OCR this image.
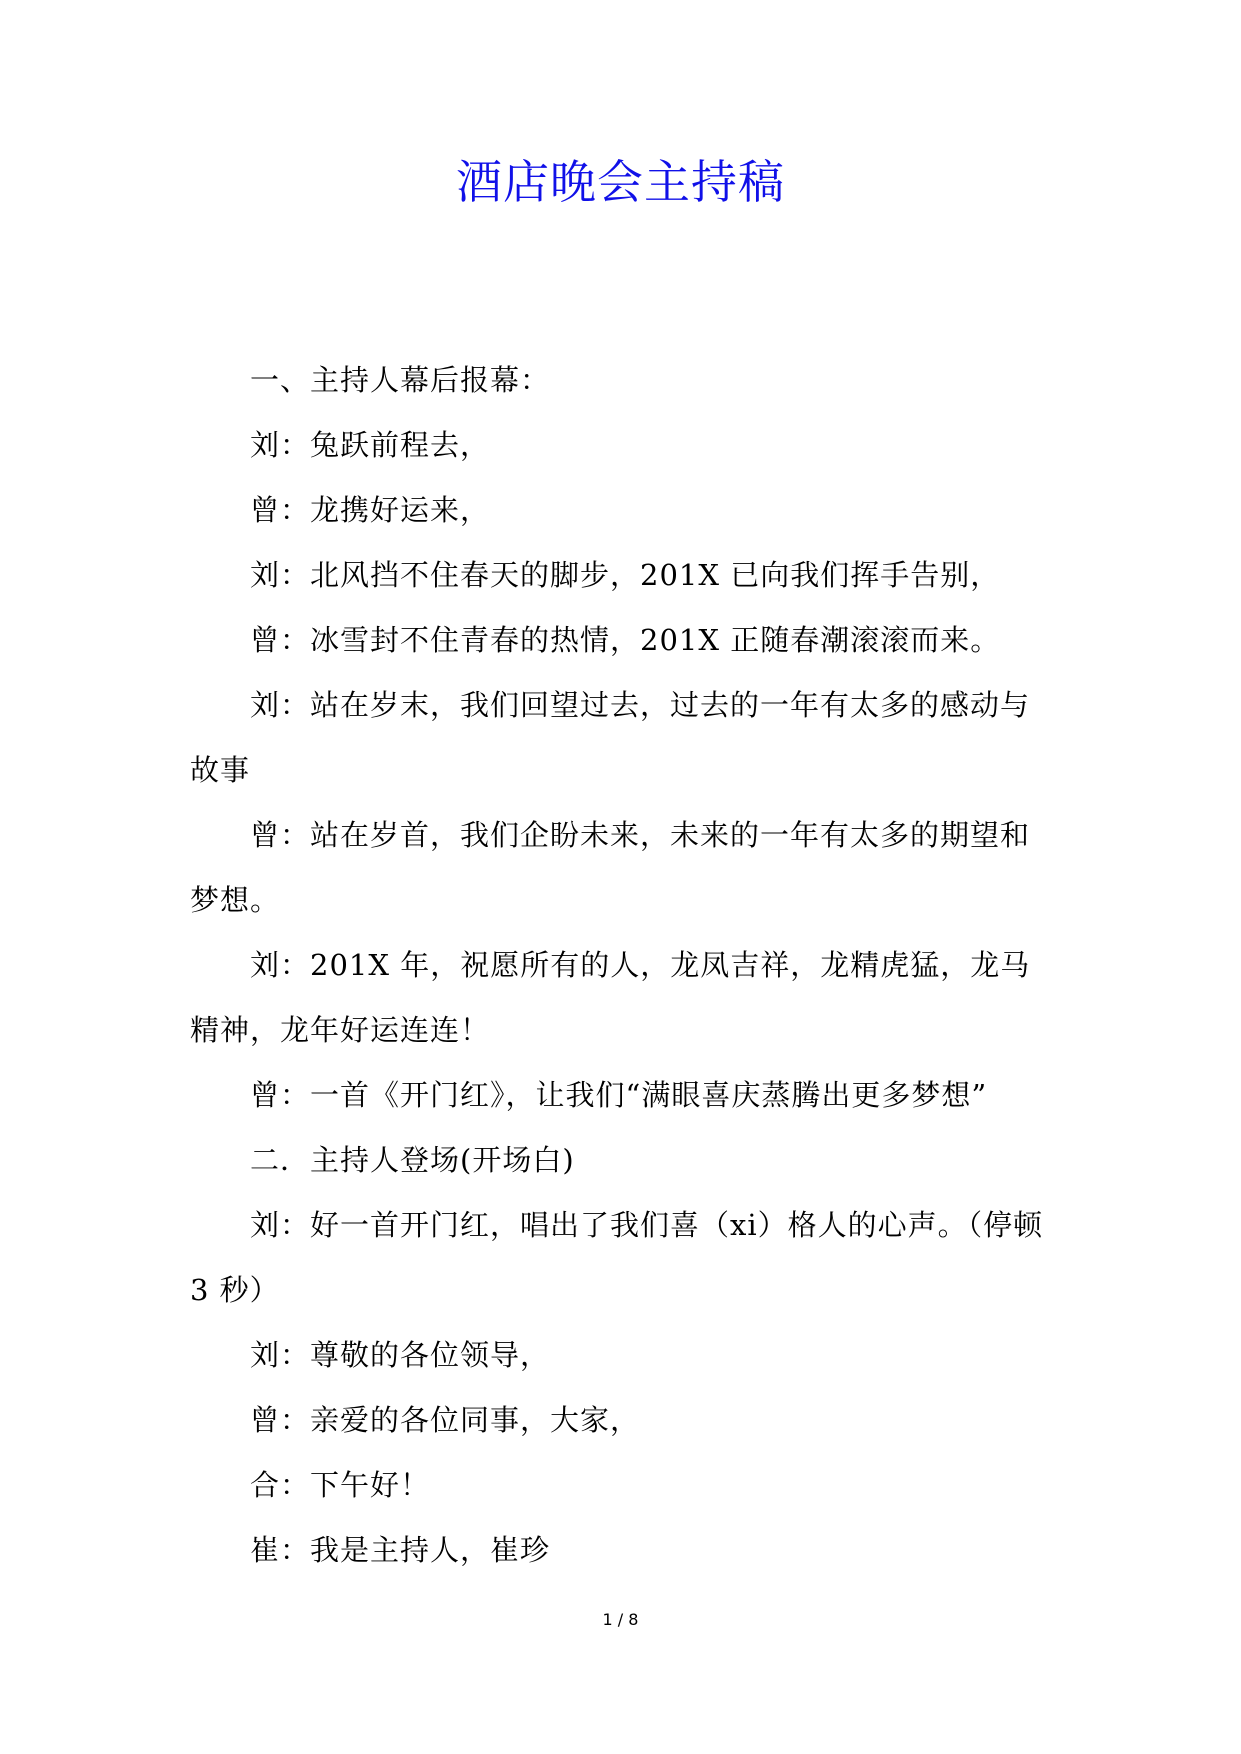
酒店晚会主持稿

一、主持人幕后报幕：

刘：兔跃前程去，

曾：龙携好运来，

刘：北风挡不住春天的脚步，201X 已向我们挥手告别，

曾：冰雪封不住青春的热情，201X 正随春潮滚滚而来。

刘：站在岁末，我们回望过去，过去的一年有太多的感动与故事

曾：站在岁首，我们企盼未来，未来的一年有太多的期望和梦想。

刘：201X 年，祝愿所有的人，龙凤吉祥，龙精虎猛，龙马精神，龙年好运连连！

曾：一首《开门红》，让我们“满眼喜庆蒸腾出更多梦想”

二．主持人登场(开场白)

刘：好一首开门红，唱出了我们喜（xi）格人的心声。（停顿 3 秒）

刘：尊敬的各位领导，

曾：亲爱的各位同事，大家，

合：下午好！

崔：我是主持人，崔珍

1 / 8
